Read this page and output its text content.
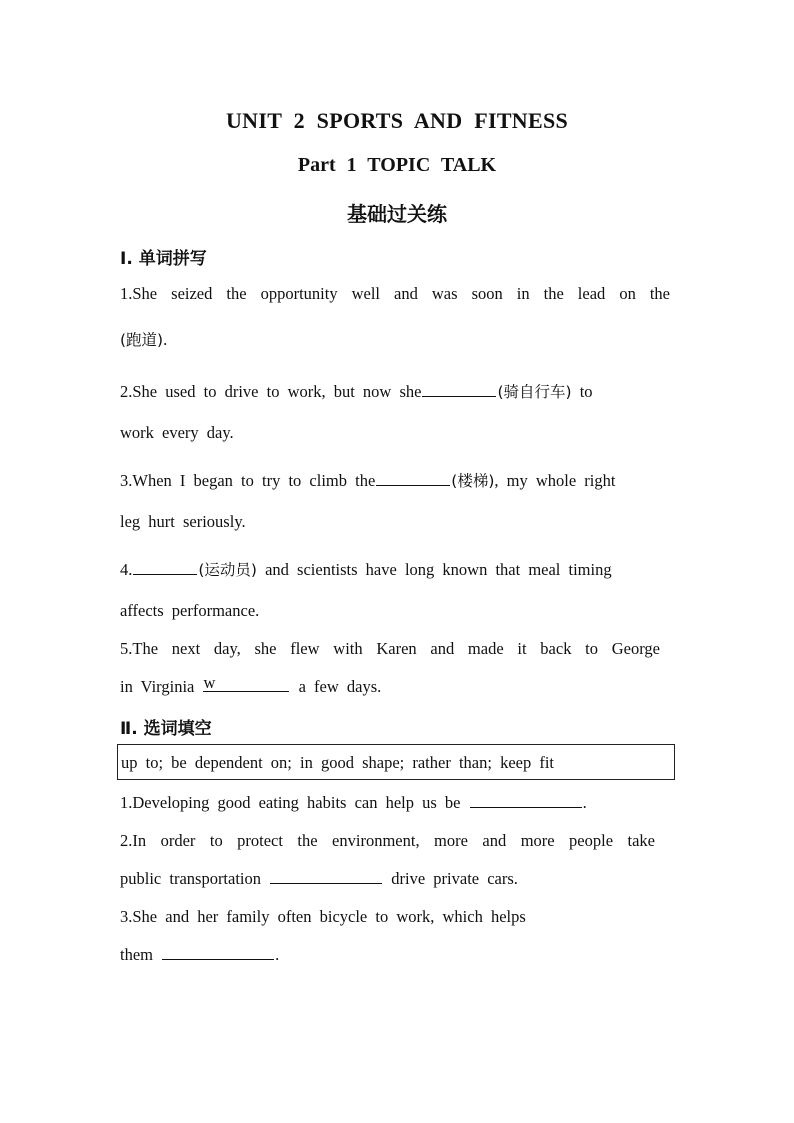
UNIT 2 SPORTS AND FITNESS
Part 1 TOPIC TALK
基础过关练
Ⅰ. 单词拼写
1.She seized the opportunity well and was soon in the lead on the
(跑道).
2.She used to drive to work, but now she	(骑自行车) to
work every day.
3.When I began to try to climb the	(楼梯), my whole right
leg hurt seriously.
4.	(运动员) and scientists have long known that meal timing
affects performance.
5.The next day, she flew with Karen and made it back to George
in Virginia w	a few days.
Ⅱ. 选词填空
up to; be dependent on; in good shape; rather than; keep fit
1.Developing good eating habits can help us be	.
2.In order to protect the environment, more and more people take
public transportation	drive private cars.
3.She and her family often bicycle to work, which helps
them	.
